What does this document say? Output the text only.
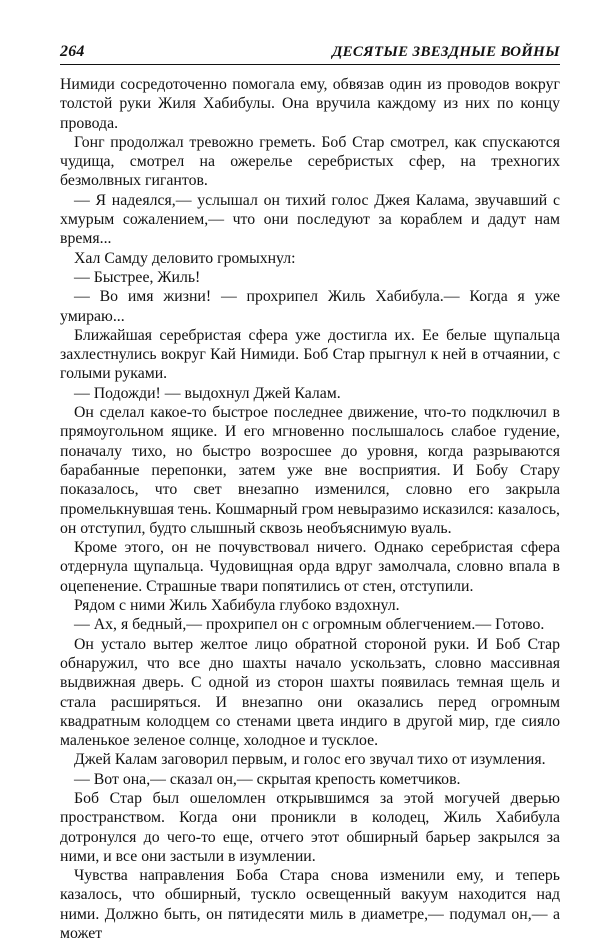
264	ДЕСЯТЫЕ ЗВЕЗДНЫЕ ВОЙНЫ

Нимиди сосредоточенно помогала ему, обвязав один из проводов вокруг толстой руки Жиля Хабибулы. Она вручила каждому из них по концу провода.

Гонг продолжал тревожно греметь. Боб Стар смотрел, как спускаются чудища, смотрел на ожерелье серебристых сфер, на трехногих безмолвных гигантов.

— Я надеялся,— услышал он тихий голос Джея Калама, звучавший с хмурым сожалением,— что они последуют за кораблем и дадут нам время...

Хал Самду деловито громыхнул:

— Быстрее, Жиль!

— Во имя жизни! — прохрипел Жиль Хабибула.— Когда я уже умираю...

Ближайшая серебристая сфера уже достигла их. Ее белые щупальца захлестнулись вокруг Кай Нимиди. Боб Стар прыгнул к ней в отчаянии, с голыми руками.

— Подожди! — выдохнул Джей Калам.

Он сделал какое-то быстрое последнее движение, что-то подключил в прямоугольном ящике. И его мгновенно послышалось слабое гудение, поначалу тихо, но быстро возросшее до уровня, когда разрываются барабанные перепонки, затем уже вне восприятия. И Бобу Стару показалось, что свет внезапно изменился, словно его закрыла промелькнувшая тень. Кошмарный гром невыразимо исказился: казалось, он отступил, будто слышный сквозь необъяснимую вуаль.

Кроме этого, он не почувствовал ничего. Однако серебристая сфера отдернула щупальца. Чудовищная орда вдруг замолчала, словно впала в оцепенение. Страшные твари попятились от стен, отступили.

Рядом с ними Жиль Хабибула глубоко вздохнул.

— Ах, я бедный,— прохрипел он с огромным облегчением.— Готово.

Он устало вытер желтое лицо обратной стороной руки. И Боб Стар обнаружил, что все дно шахты начало ускользать, словно массивная выдвижная дверь. С одной из сторон шахты появилась темная щель и стала расширяться. И внезапно они оказались перед огромным квадратным колодцем со стенами цвета индиго в другой мир, где сияло маленькое зеленое солнце, холодное и тусклое.

Джей Калам заговорил первым, и голос его звучал тихо от изумления.

— Вот она,— сказал он,— скрытая крепость кометчиков.

Боб Стар был ошеломлен открывшимся за этой могучей дверью пространством. Когда они проникли в колодец, Жиль Хабибула дотронулся до чего-то еще, отчего этот обширный барьер закрылся за ними, и все они застыли в изумлении.

Чувства направления Боба Стара снова изменили ему, и теперь казалось, что обширный, тускло освещенный вакуум находится над ними. Должно быть, он пятидесяти миль в диаметре,— подумал он,— а может
